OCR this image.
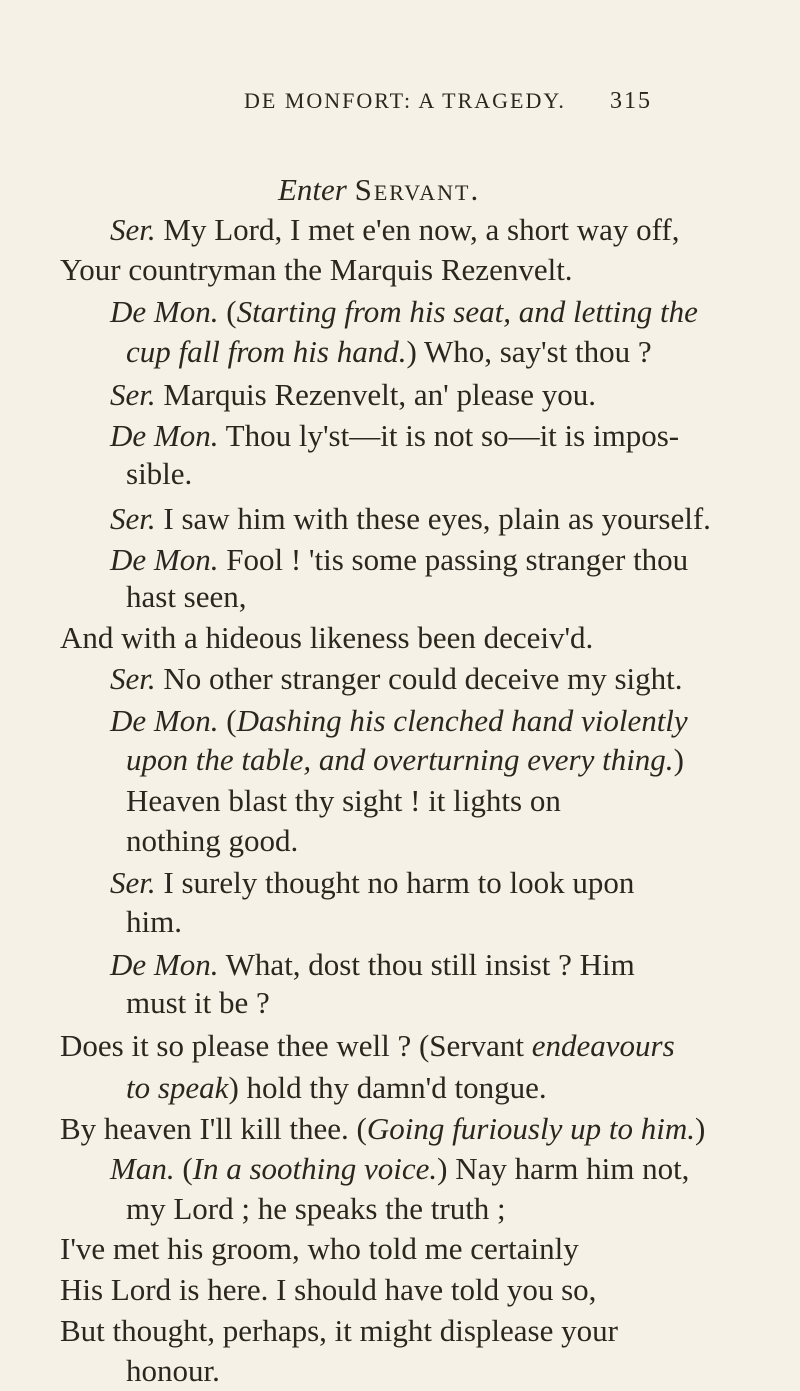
DE MONFORT: A TRAGEDY. 315
Enter Servant.
Ser. My Lord, I met e'en now, a short way off,
Your countryman the Marquis Rezenvelt.
De Mon. (Starting from his seat, and letting the
cup fall from his hand.) Who, say'st thou ?
Ser. Marquis Rezenvelt, an' please you.
De Mon. Thou ly'st—it is not so—it is impos-
sible.
Ser. I saw him with these eyes, plain as yourself.
De Mon. Fool ! 'tis some passing stranger thou
hast seen,
And with a hideous likeness been deceiv'd.
Ser. No other stranger could deceive my sight.
De Mon. (Dashing his clenched hand violently
upon the table, and overturning every thing.)
Heaven blast thy sight ! it lights on
nothing good.
Ser. I surely thought no harm to look upon
him.
De Mon. What, dost thou still insist ? Him
must it be ?
Does it so please thee well ? (Servant endeavours
to speak) hold thy damn'd tongue.
By heaven I'll kill thee. (Going furiously up to him.)
Man. (In a soothing voice.) Nay harm him not,
my Lord ; he speaks the truth ;
I've met his groom, who told me certainly
His Lord is here. I should have told you so,
But thought, perhaps, it might displease your
honour.
